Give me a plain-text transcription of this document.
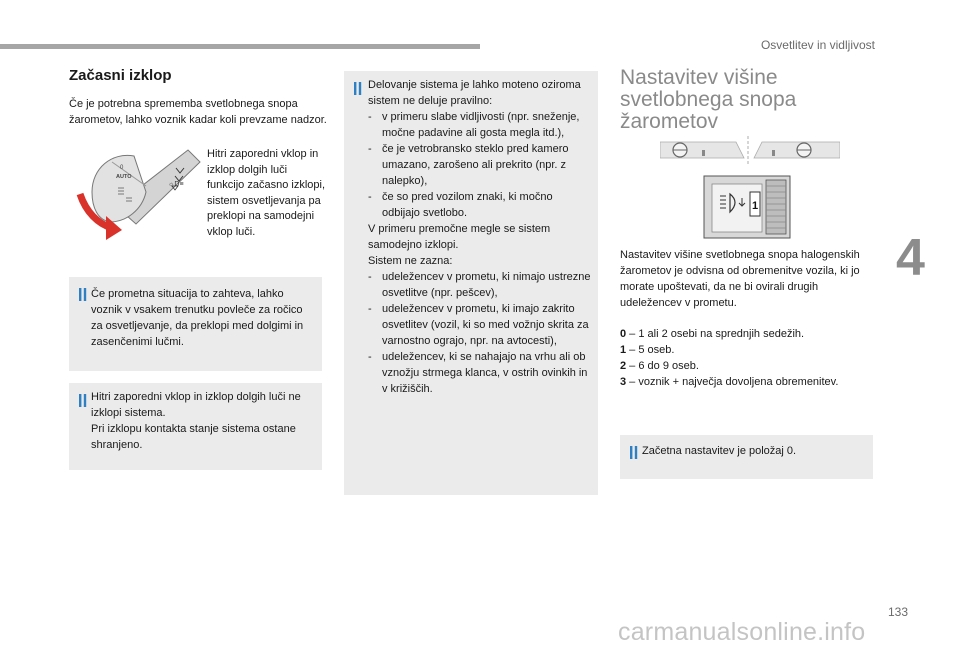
Osvetlitev in vidljivost
4
Začasni izklop
Če je potrebna sprememba svetlobnega snopa žarometov, lahko voznik kadar koli prevzame nadzor.
0
AUTO
☼D≡
Hitri zaporedni vklop in izklop dolgih luči funkcijo začasno izklopi, sistem osvetljevanja pa preklopi na samodejni vklop luči.
Če prometna situacija to zahteva, lahko voznik v vsakem trenutku povleče za ročico za osvetljevanje, da preklopi med dolgimi in zasenčenimi lučmi.
Hitri zaporedni vklop in izklop dolgih luči ne izklopi sistema.
Pri izklopu kontakta stanje sistema ostane shranjeno.
Delovanje sistema je lahko moteno oziroma sistem ne deluje pravilno:
- v primeru slabe vidljivosti (npr. sneženje, močne padavine ali gosta megla itd.),
- če je vetrobransko steklo pred kamero umazano, zarošeno ali prekrito (npr. z nalepko),
- če so pred vozilom znaki, ki močno odbijajo svetlobo.
V primeru premočne megle se sistem samodejno izklopi.
Sistem ne zazna:
- udeležencev v prometu, ki nimajo ustrezne osvetlitve (npr. pešcev),
- udeležencev v prometu, ki imajo zakrito osvetlitev (vozil, ki so med vožnjo skrita za varnostno ograjo, npr. na avtocesti),
- udeležencev, ki se nahajajo na vrhu ali ob vznožju strmega klanca, v ostrih ovinkih in v križiščih.
Nastavitev višine svetlobnega snopa žarometov
1
Nastavitev višine svetlobnega snopa halogenskih žarometov je odvisna od obremenitve vozila, ki jo morate upoštevati, da ne bi ovirali drugih udeležencev v prometu.
0 – 1 ali 2 osebi na sprednjih sedežih.
1 – 5 oseb.
2 – 6 do 9 oseb.
3 – voznik + največja dovoljena obremenitev.
Začetna nastavitev je položaj 0.
133
carmanualsonline.info
